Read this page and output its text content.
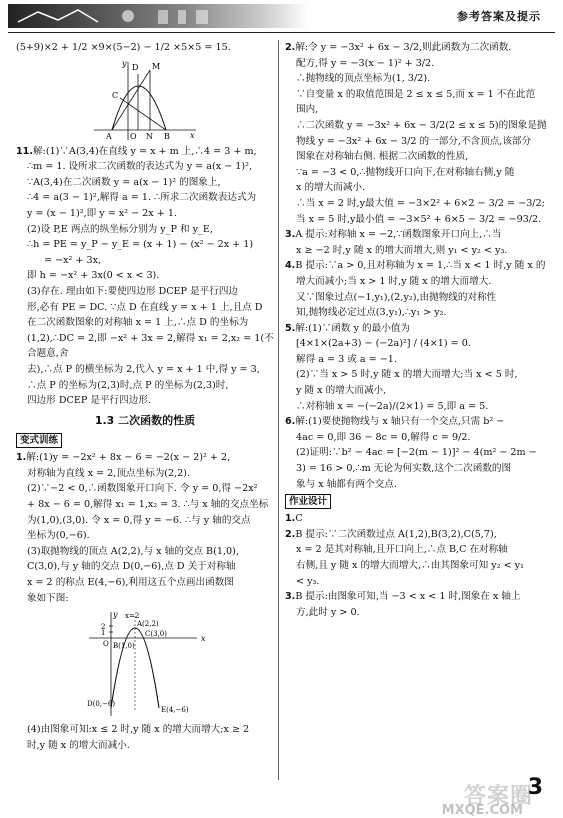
参考答案及提示

(5+9)×2 + 1/2 ×9×(5−2) − 1/2 ×5×5 = 15.

D M
C
A O N B	x
y
11.解:(1)∵A(3,4)在直线 y = x + m 上,∴4 = 3 + m,

∴m = 1. 设所求二次函数的表达式为 y = a(x − 1)²,

∵A(3,4)在二次函数 y = a(x − 1)² 的图象上,

∴4 = a(3 − 1)²,解得 a = 1. ∴所求二次函数表达式为

y = (x − 1)²,即 y = x² − 2x + 1.

(2)设 P,E 两点的纵坐标分别为 y_P 和 y_E,

∴h = PE = y_P − y_E = (x + 1) − (x² − 2x + 1)

= −x² + 3x,

即 h = −x² + 3x(0 < x < 3).

(3)存在. 理由如下:要使四边形 DCEP 是平行四边

形,必有 PE = DC. ∵点 D 在直线 y = x + 1 上,且点 D

在二次函数图象的对称轴 x = 1 上,∴点 D 的坐标为

(1,2),∴DC = 2,即 −x² + 3x = 2,解得 x₁ = 2,x₂ = 1(不合题意,舍

去),∴点 P 的横坐标为 2,代入 y = x + 1 中,得 y = 3,

∴点 P 的坐标为(2,3)时,点 P 的坐标为(2,3)时,

四边形 DCEP 是平行四边形.

1.3 二次函数的性质
变式训练
1.解:(1)y = −2x² + 8x − 6 = −2(x − 2)² + 2,

对称轴为直线 x = 2,顶点坐标为(2,2).

(2)∵−2 < 0,∴函数图象开口向下. 令 y = 0,得 −2x²

+ 8x − 6 = 0,解得 x₁ = 1,x₂ = 3. ∴与 x 轴的交点坐标

为(1,0),(3,0). 令 x = 0,得 y = −6. ∴与 y 轴的交点

坐标为(0,−6).

(3)取抛物线的顶点 A(2,2),与 x 轴的交点 B(1,0),

C(3,0),与 y 轴的交点 D(0,−6),点 D 关于对称轴

x = 2 的称点 E(4,−6),利用这五个点画出函数图

象如下图:

x
y x=2
A(2,2)
C(3,0)
B(1,0)
2
1
O
D(0,−6)
E(4,−6)

(4)由图象可知:x ≤ 2 时,y 随 x 的增大而增大;x ≥ 2

时,y 随 x 的增大而减小.

2.解:令 y = −3x² + 6x − 3/2,则此函数为二次函数.

配方,得 y = −3(x − 1)² + 3/2.

∴抛物线的顶点坐标为(1, 3/2).

∵自变量 x 的取值范围是 2 ≤ x ≤ 5,而 x = 1 不在此范

围内,

∴二次函数 y = −3x² + 6x − 3/2(2 ≤ x ≤ 5)的图象是抛

物线 y = −3x² + 6x − 3/2 的一部分,不含顶点,该部分

图象在对称轴右侧. 根据二次函数的性质,

∵a = −3 < 0,∴抛物线开口向下,在对称轴右侧,y 随

x 的增大而减小.

∴当 x = 2 时,y最大值 = −3×2² + 6×2 − 3/2 = −3/2;

当 x = 5 时,y最小值 = −3×5² + 6×5 − 3/2 = −93/2.

3.A 提示:对称轴 x = −2,∵函数图象开口向上,∴当

x ≥ −2 时,y 随 x 的增大而增大,则 y₁ < y₂ < y₃.

4.B 提示:∵a > 0,且对称轴为 x = 1,∴当 x < 1 时,y 随 x 的

增大而减小;当 x > 1 时,y 随 x 的增大而增大.

又∵图象过点(−1,y₁),(2,y₂),由抛物线的对称性

知,抛物线必定过点(3,y₁),∴y₁ > y₂.

5.解:(1)∵函数 y 的最小值为

[4×1×(2a+3) − (−2a)²] / (4×1) = 0.

解得 a = 3 或 a = −1.

(2)∵当 x > 5 时,y 随 x 的增大而增大;当 x < 5 时,

y 随 x 的增大而减小,

∴对称轴 x = −(−2a)/(2×1) = 5,即 a = 5.

6.解:(1)要使抛物线与 x 轴只有一个交点,只需 b² −

4ac = 0,即 36 − 8c = 0,解得 c = 9/2.

(2)证明:∵b² − 4ac = [−2(m − 1)]² − 4(m² − 2m −

3) = 16 > 0,∴m 无论为何实数,这个二次函数的图

象与 x 轴都有两个交点.

作业设计
1.C
2.B 提示:∵二次函数过点 A(1,2),B(3,2),C(5,7),

x = 2 是其对称轴,且开口向上,∴点 B,C 在对称轴

右侧,且 y 随 x 的增大而增大,∴由其图象可知 y₂ < y₁

< y₃.

3.B 提示:由图象可知,当 −3 < x < 1 时,图象在 x 轴上

方,此时 y > 0.

答案圈
MXQE.COM
3
